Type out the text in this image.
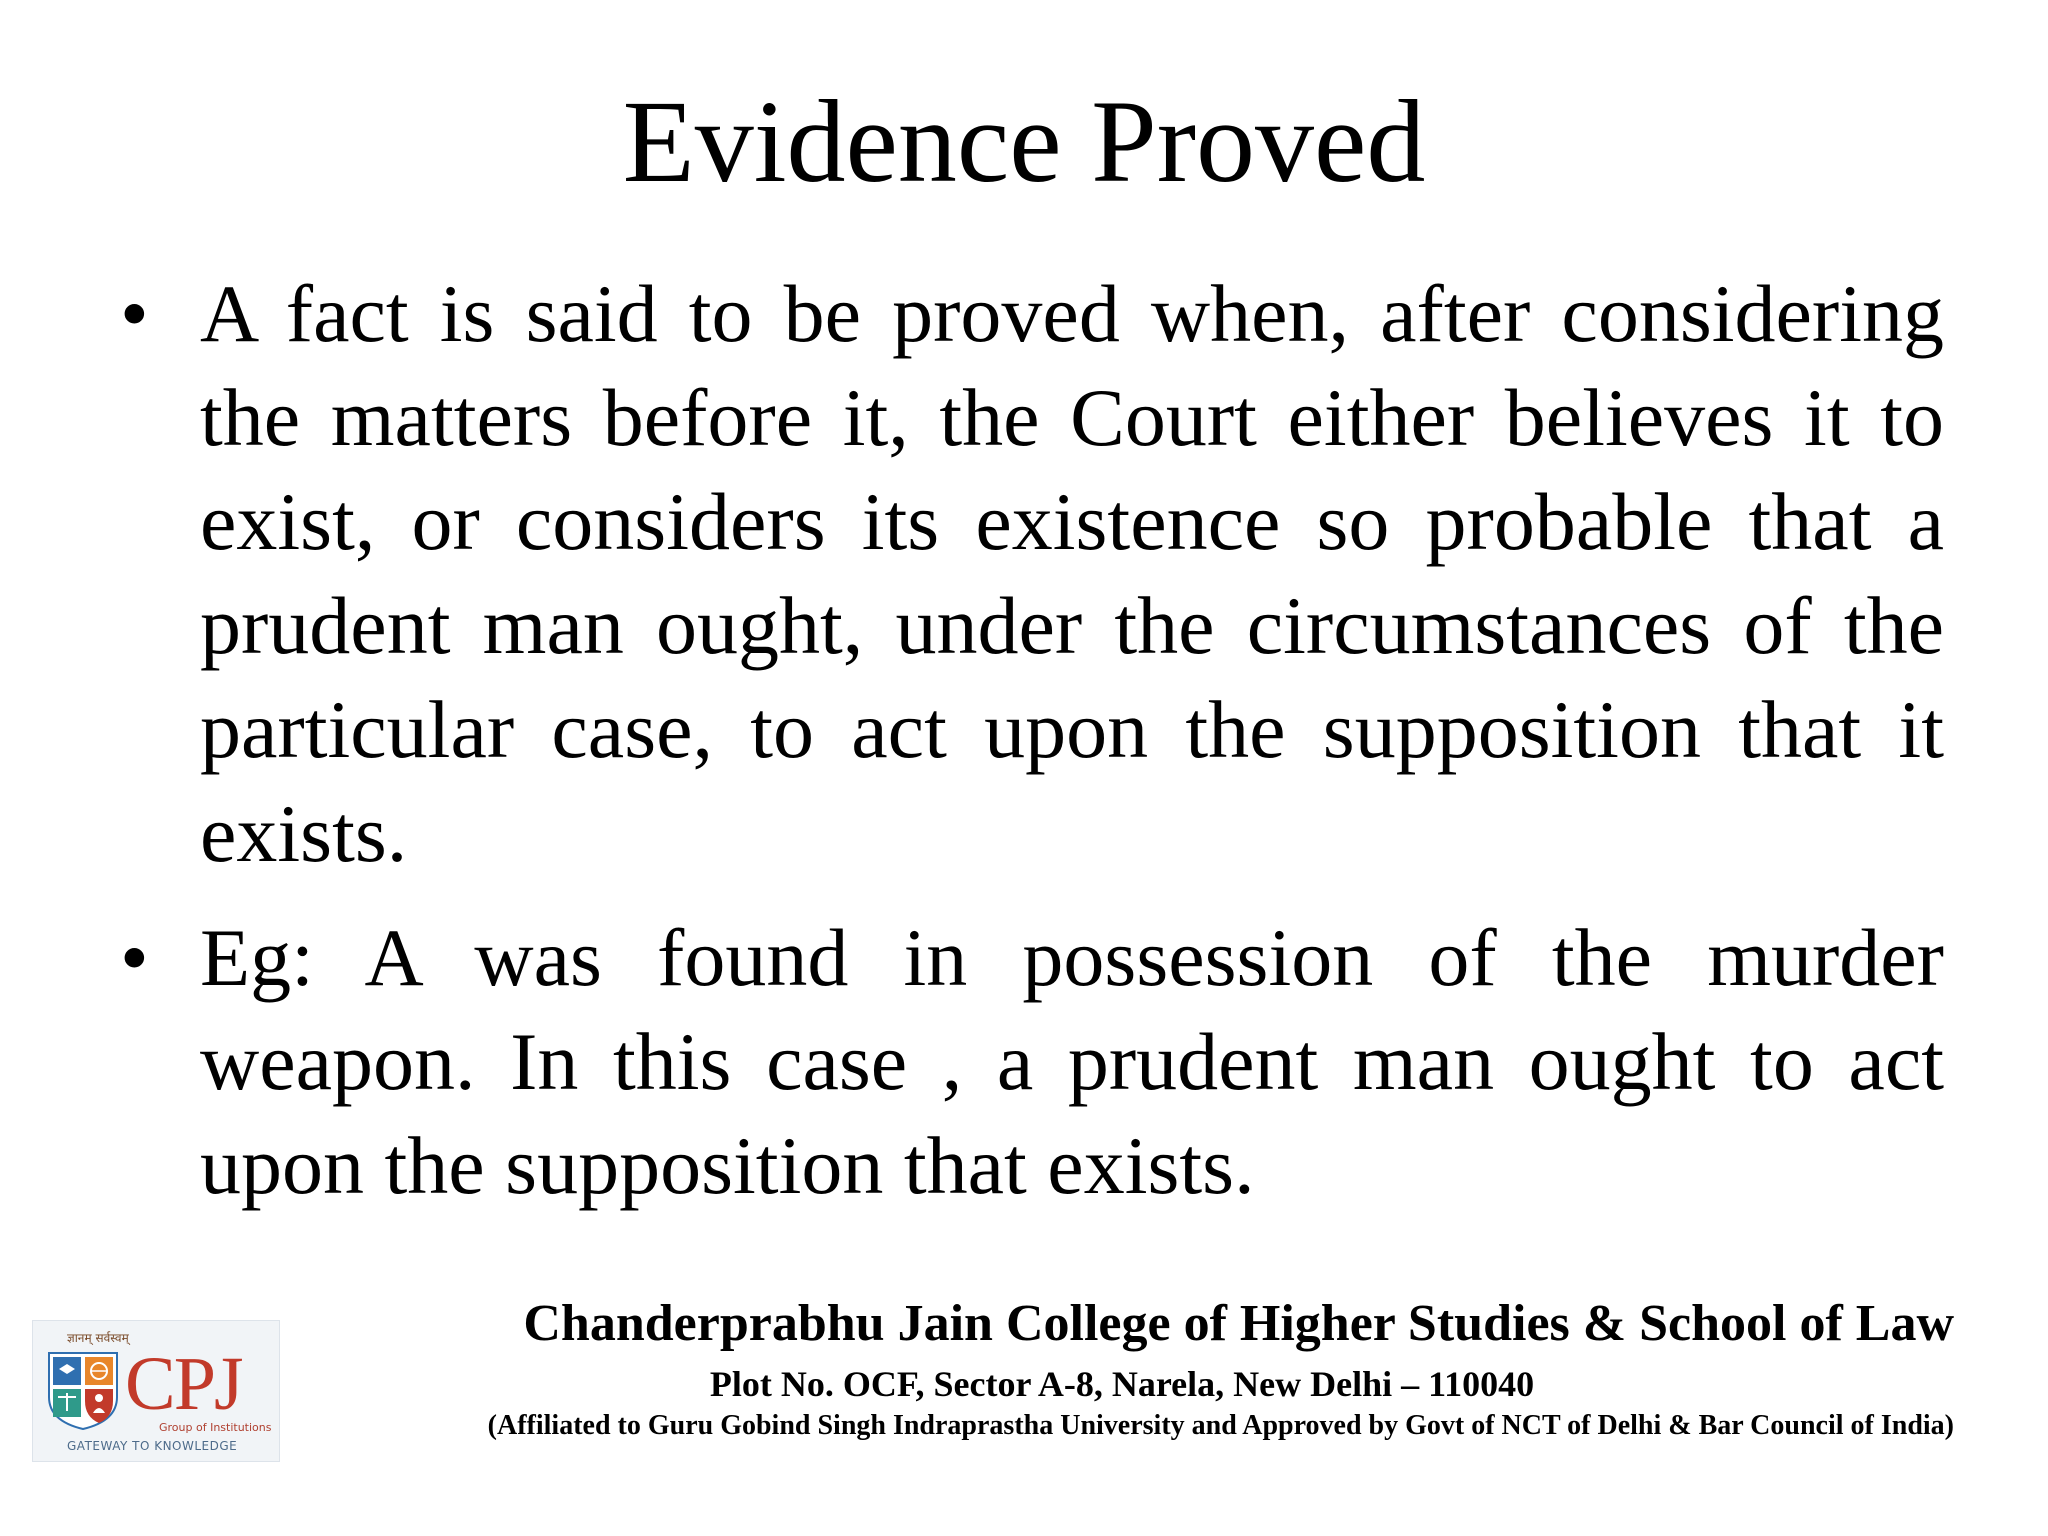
Evidence Proved
• A fact is said to be proved when, after considering the matters before it, the Court either believes it to exist, or considers its existence so probable that a prudent man ought, under the circumstances of the particular case, to act upon the supposition that it exists.
• Eg: A was found in possession of the murder weapon. In this case , a prudent man ought to act upon the supposition that exists.
ज्ञानम् सर्वस्वम्
CPJ
Group of Institutions
GATEWAY TO KNOWLEDGE
Chanderprabhu Jain College of Higher Studies & School of Law
Plot No. OCF, Sector A-8, Narela, New Delhi – 110040
(Affiliated to Guru Gobind Singh Indraprastha University and Approved by Govt of NCT of Delhi & Bar Council of India)
